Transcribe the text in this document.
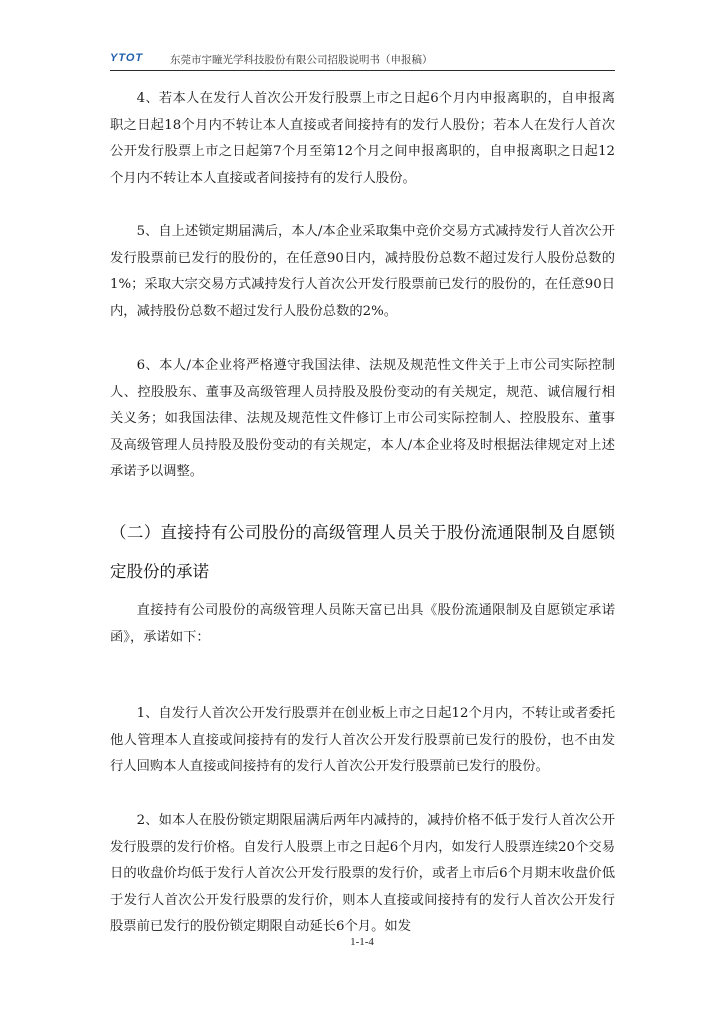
YTOT	东莞市宇瞳光学科技股份有限公司招股说明书（申报稿）

4、若本人在发行人首次公开发行股票上市之日起6个月内申报离职的，自申报离职之日起18个月内不转让本人直接或者间接持有的发行人股份；若本人在发行人首次公开发行股票上市之日起第7个月至第12个月之间申报离职的，自申报离职之日起12个月内不转让本人直接或者间接持有的发行人股份。

5、自上述锁定期届满后，本人/本企业采取集中竞价交易方式减持发行人首次公开发行股票前已发行的股份的，在任意90日内，减持股份总数不超过发行人股份总数的1%；采取大宗交易方式减持发行人首次公开发行股票前已发行的股份的，在任意90日内，减持股份总数不超过发行人股份总数的2%。

6、本人/本企业将严格遵守我国法律、法规及规范性文件关于上市公司实际控制人、控股股东、董事及高级管理人员持股及股份变动的有关规定，规范、诚信履行相关义务；如我国法律、法规及规范性文件修订上市公司实际控制人、控股股东、董事及高级管理人员持股及股份变动的有关规定，本人/本企业将及时根据法律规定对上述承诺予以调整。

（二）直接持有公司股份的高级管理人员关于股份流通限制及自愿锁定股份的承诺

直接持有公司股份的高级管理人员陈天富已出具《股份流通限制及自愿锁定承诺函》，承诺如下：

1、自发行人首次公开发行股票并在创业板上市之日起12个月内，不转让或者委托他人管理本人直接或间接持有的发行人首次公开发行股票前已发行的股份，也不由发行人回购本人直接或间接持有的发行人首次公开发行股票前已发行的股份。

2、如本人在股份锁定期限届满后两年内减持的，减持价格不低于发行人首次公开发行股票的发行价格。自发行人股票上市之日起6个月内，如发行人股票连续20个交易日的收盘价均低于发行人首次公开发行股票的发行价，或者上市后6个月期末收盘价低于发行人首次公开发行股票的发行价，则本人直接或间接持有的发行人首次公开发行股票前已发行的股份锁定期限自动延长6个月。如发

1-1-4
